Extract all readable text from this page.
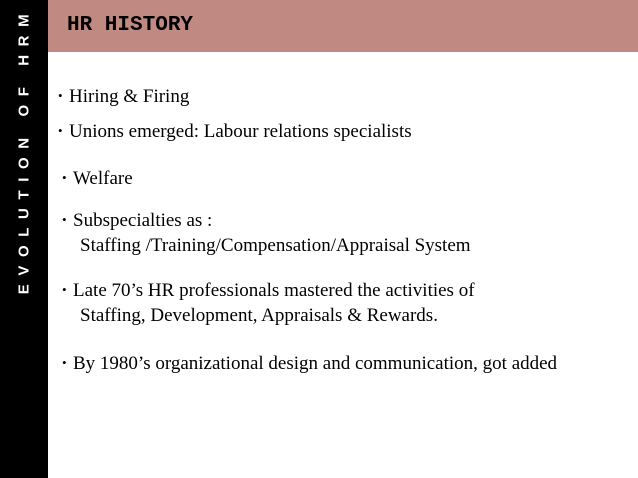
EVOLUTION OF HRM HR HISTORY
• Hiring & Firing
• Unions emerged: Labour relations specialists
• Welfare
• Subspecialties as :
Staffing /Training/Compensation/Appraisal System
• Late 70’s HR professionals mastered the activities of
Staffing, Development, Appraisals & Rewards.
• By 1980’s organizational design and communication, got added
